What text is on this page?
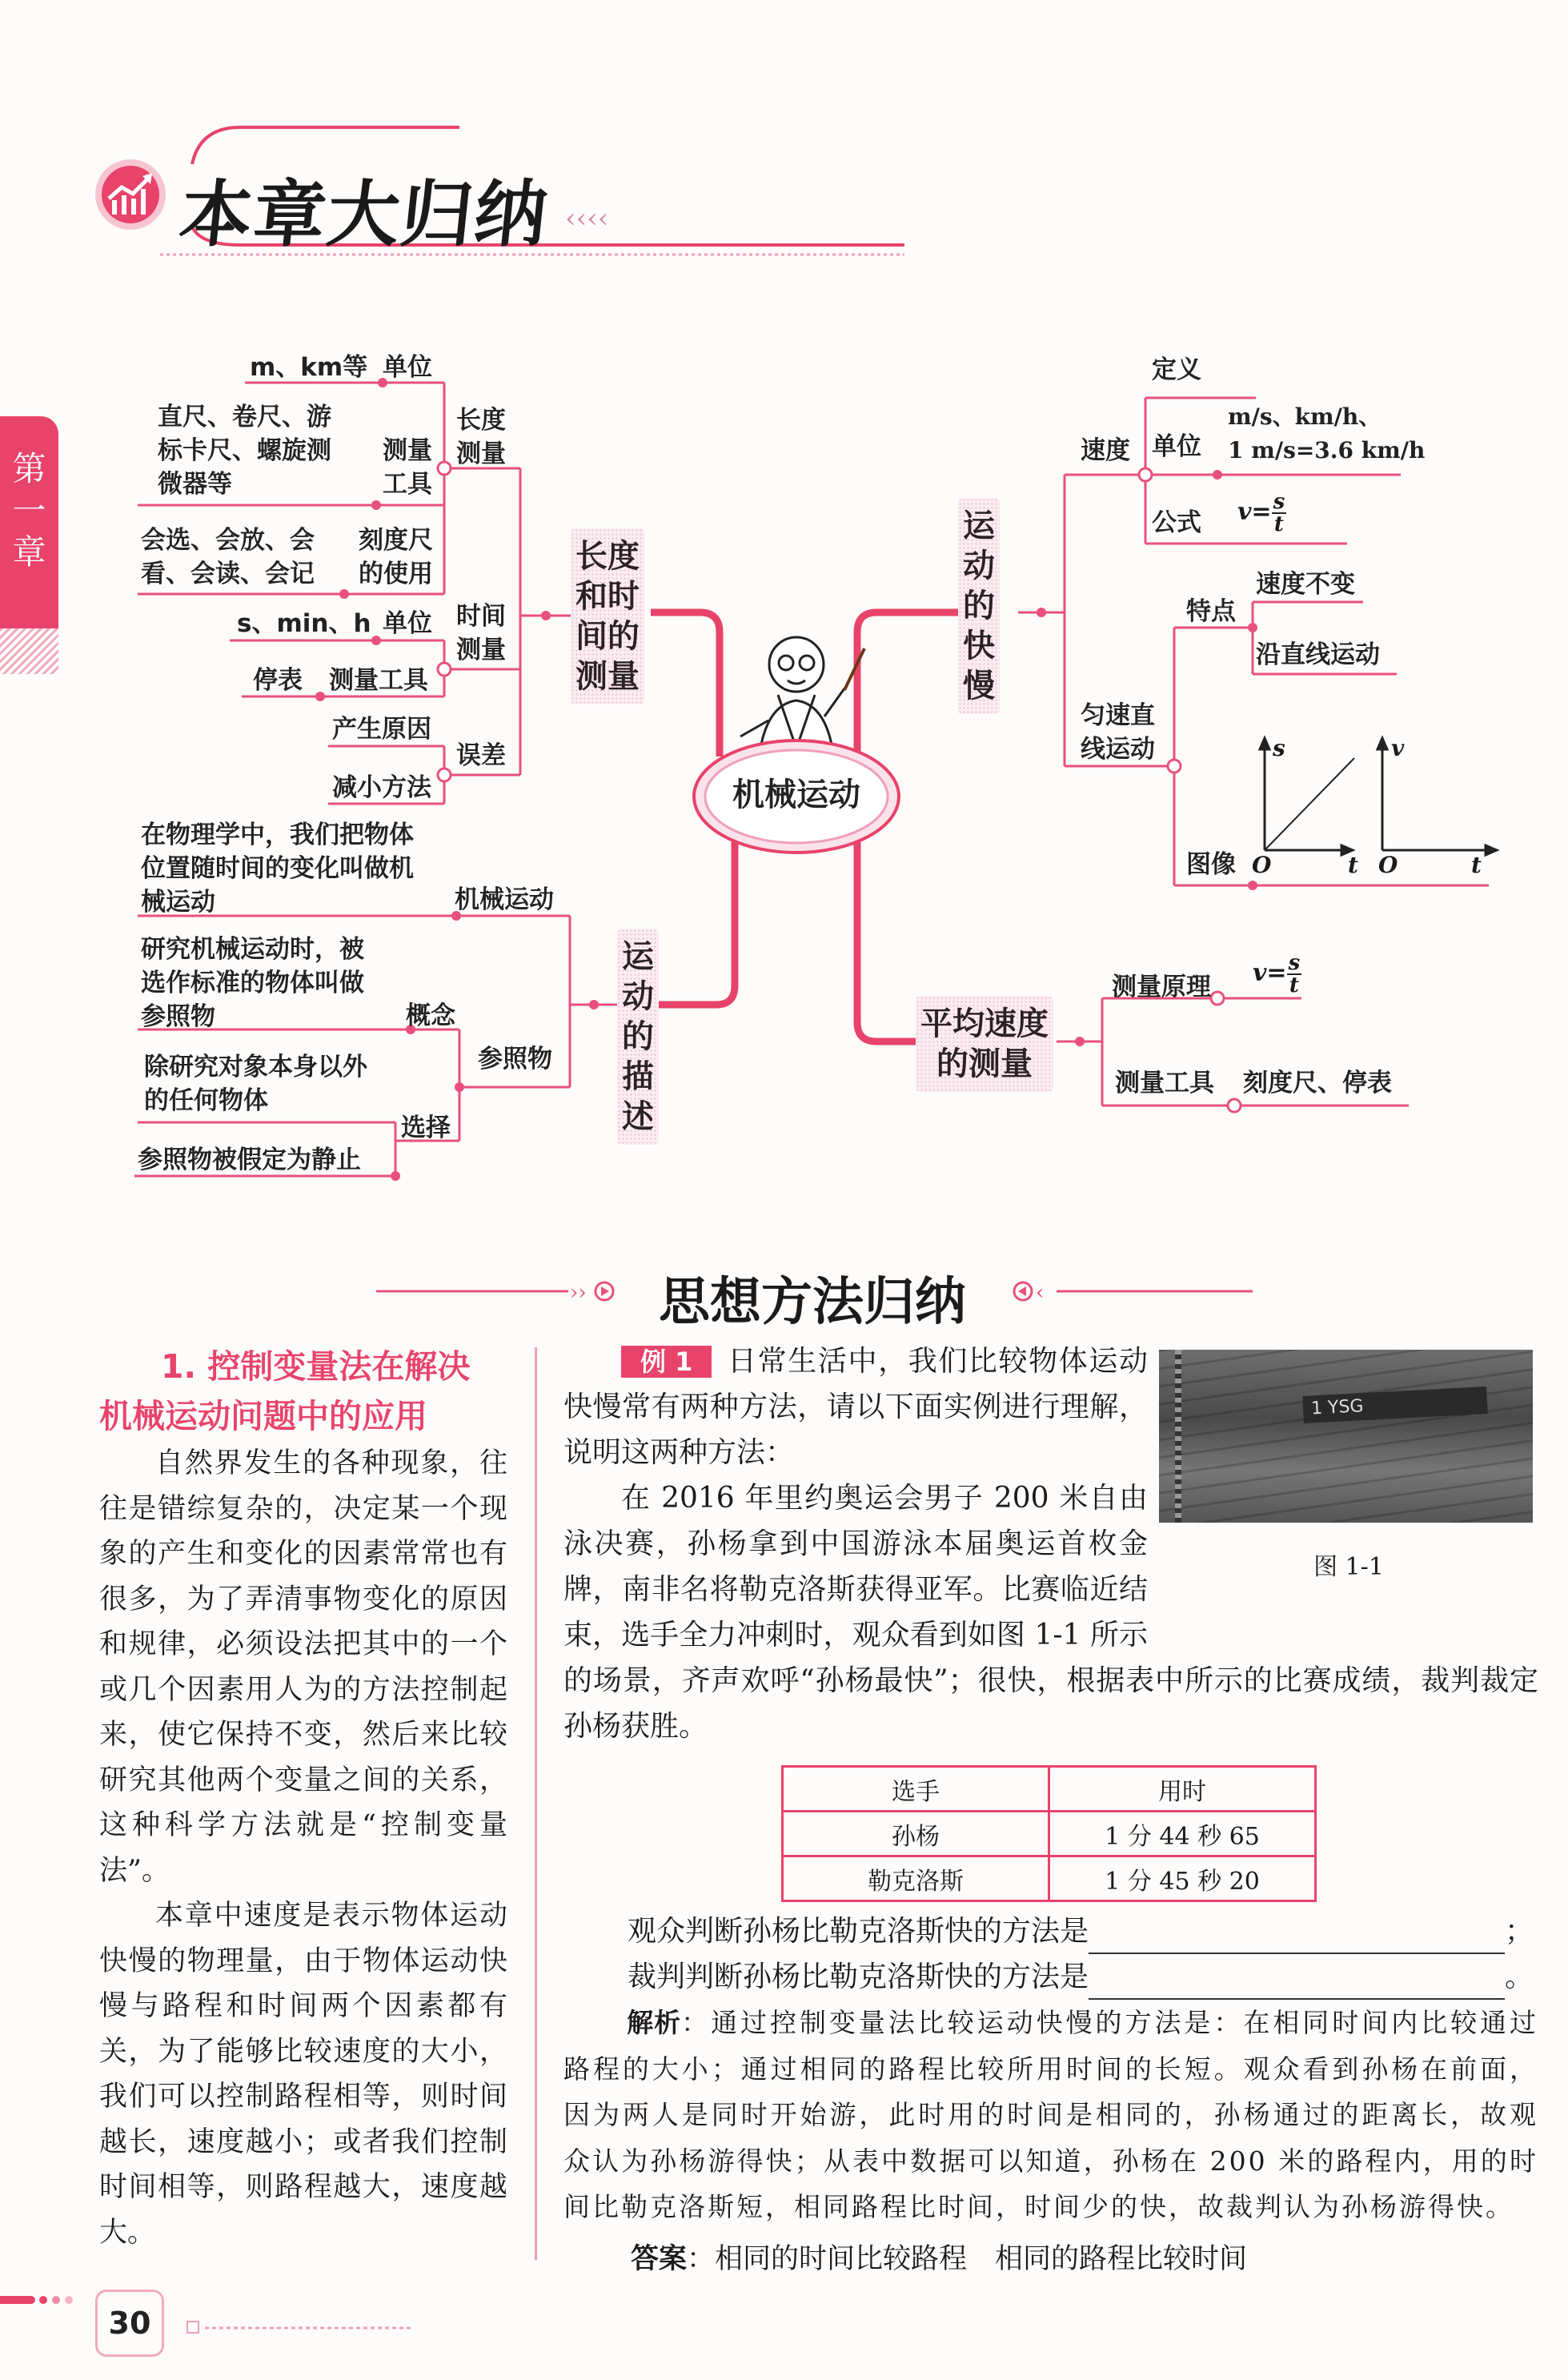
‹‹‹‹
本章大归纳
第
一
章
机械运动
长度
和时
间的
测量
m、km等 单位
直尺、卷尺、游
标卡尺、螺旋测
微器等
测量
工具
会选、会放、会
看、会读、会记
刻度尺
的使用
长度
测量
s、min、h 单位
停表 测量工具
时间
测量
产生原因
减小方法
误差
运
动
的
快
慢
速度
定义
单位
m/s、km/h、
1 m/s=3.6 km/h
公式 $v= \frac{s}{t}$
匀速直
线运动
特点
速度不变
沿直线运动
图像
s
O	t
v
O	t
平均速度
的测量
测量原理 $v= \frac{s}{t}$
测量工具 刻度尺、停表
运
动
的
描
述
在物理学中，我们把物体
位置随时间的变化叫做机
械运动	机械运动
研究机械运动时，被
选作标准的物体叫做
参照物	概念
参照物
除研究对象本身以外
的任何物体
选择
参照物被假定为静止
››	‹
思想方法归纳
1. 控制变量法在解决
机械运动问题中的应用

自然界发生的各种现象，往往是错综复杂的，决定某一个现象的产生和变化的因素常常也有很多，为了弄清事物变化的原因和规律，必须设法把其中的一个或几个因素用人为的方法控制起来，使它保持不变，然后来比较研究其他两个变量之间的关系，这种科学方法就是“控制变量法”。

本章中速度是表示物体运动快慢的物理量，由于物体运动快慢与路程和时间两个因素都有关，为了能够比较速度的大小，我们可以控制路程相等，则时间越长，速度越小；或者我们控制时间相等，则路程越大，速度越大。

1 YSG
图 1-1

例 1 日常生活中，我们比较物体运动快慢常有两种方法，请以下面实例进行理解，说明这两种方法：

在 2016 年里约奥运会男子 200 米自由泳决赛，孙杨拿到中国游泳本届奥运首枚金牌，南非名将勒克洛斯获得亚军。比赛临近结束，选手全力冲刺时，观众看到如图 1-1 所示的场景，齐声欢呼“孙杨最快”；很快，根据表中所示的比赛成绩，裁判裁定孙杨获胜。

选手	用时
孙杨	1 分 44 秒 65
勒克洛斯	1 分 45 秒 20
观众判断孙杨比勒克洛斯快的方法是	；
裁判判断孙杨比勒克洛斯快的方法是	。

解析：通过控制变量法比较运动快慢的方法是：在相同时间内比较通过路程的大小；通过相同的路程比较所用时间的长短。观众看到孙杨在前面，因为两人是同时开始游，此时用的时间是相同的，孙杨通过的距离长，故观众认为孙杨游得快；从表中数据可以知道，孙杨在 200 米的路程内，用的时间比勒克洛斯短，相同路程比时间，时间少的快，故裁判认为孙杨游得快。

答案：相同的时间比较路程　相同的路程比较时间

30
